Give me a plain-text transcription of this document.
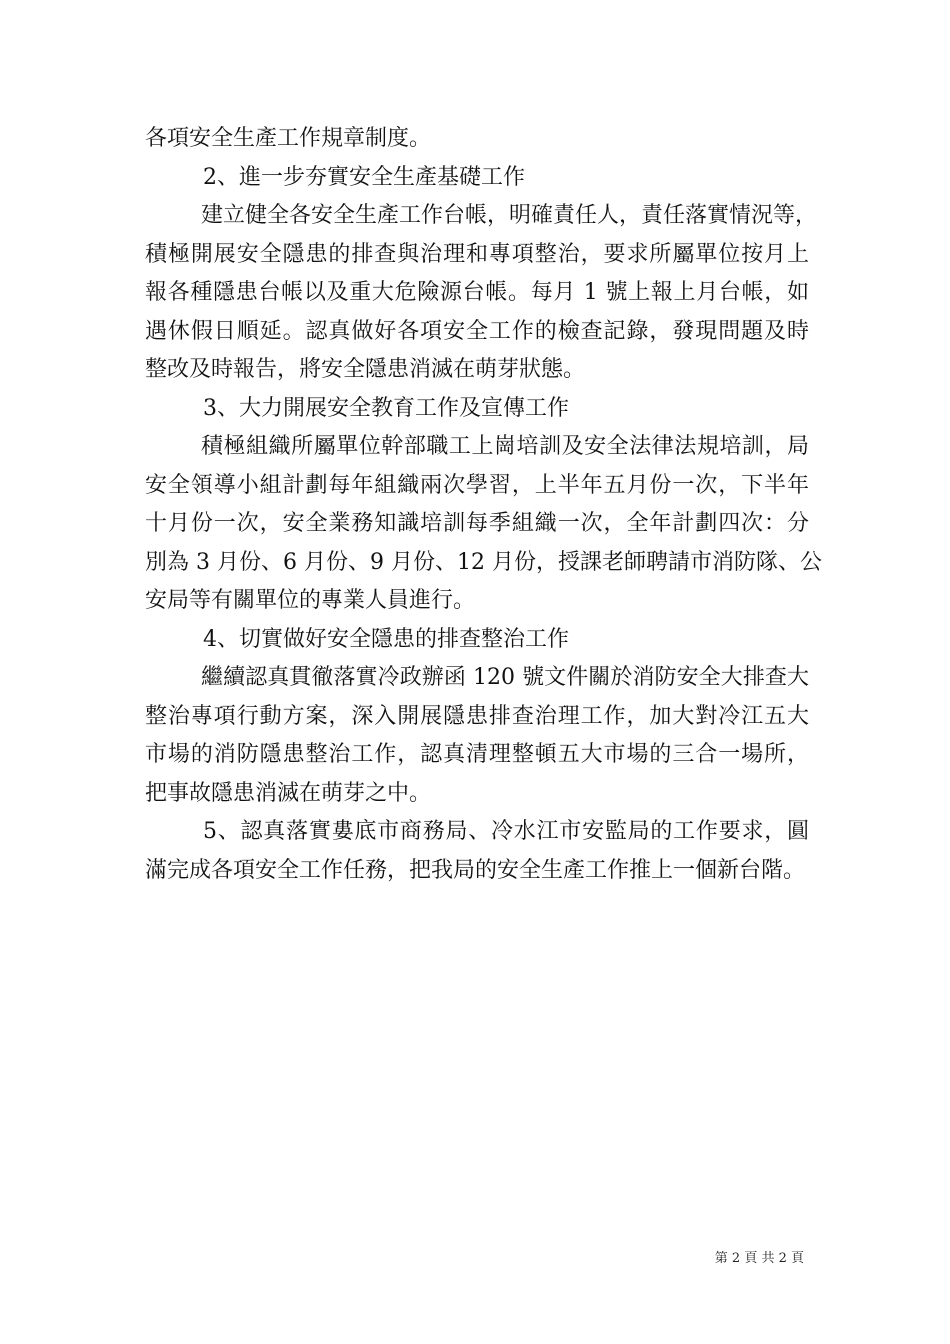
各項安全生產工作規章制度。
2、進一步夯實安全生產基礎工作
建立健全各安全生產工作台帳，明確責任人，責任落實情況等，
積極開展安全隱患的排查與治理和專項整治，要求所屬單位按月上
報各種隱患台帳以及重大危險源台帳。每月 1 號上報上月台帳，如
遇休假日順延。認真做好各項安全工作的檢查記錄，發現問題及時
整改及時報告，將安全隱患消滅在萌芽狀態。
3、大力開展安全教育工作及宣傳工作
積極組織所屬單位幹部職工上崗培訓及安全法律法規培訓，局
安全領導小組計劃每年組織兩次學習，上半年五月份一次，下半年
十月份一次，安全業務知識培訓每季組織一次，全年計劃四次：分
別為 3 月份、6 月份、9 月份、12 月份，授課老師聘請市消防隊、公
安局等有關單位的專業人員進行。
4、切實做好安全隱患的排查整治工作
繼續認真貫徹落實冷政辦函 120 號文件關於消防安全大排查大
整治專項行動方案，深入開展隱患排查治理工作，加大對冷江五大
市場的消防隱患整治工作，認真清理整頓五大市場的三合一場所，
把事故隱患消滅在萌芽之中。
5、認真落實婁底市商務局、冷水江市安監局的工作要求，圓
滿完成各項安全工作任務，把我局的安全生產工作推上一個新台階。
第 2 頁 共 2 頁
